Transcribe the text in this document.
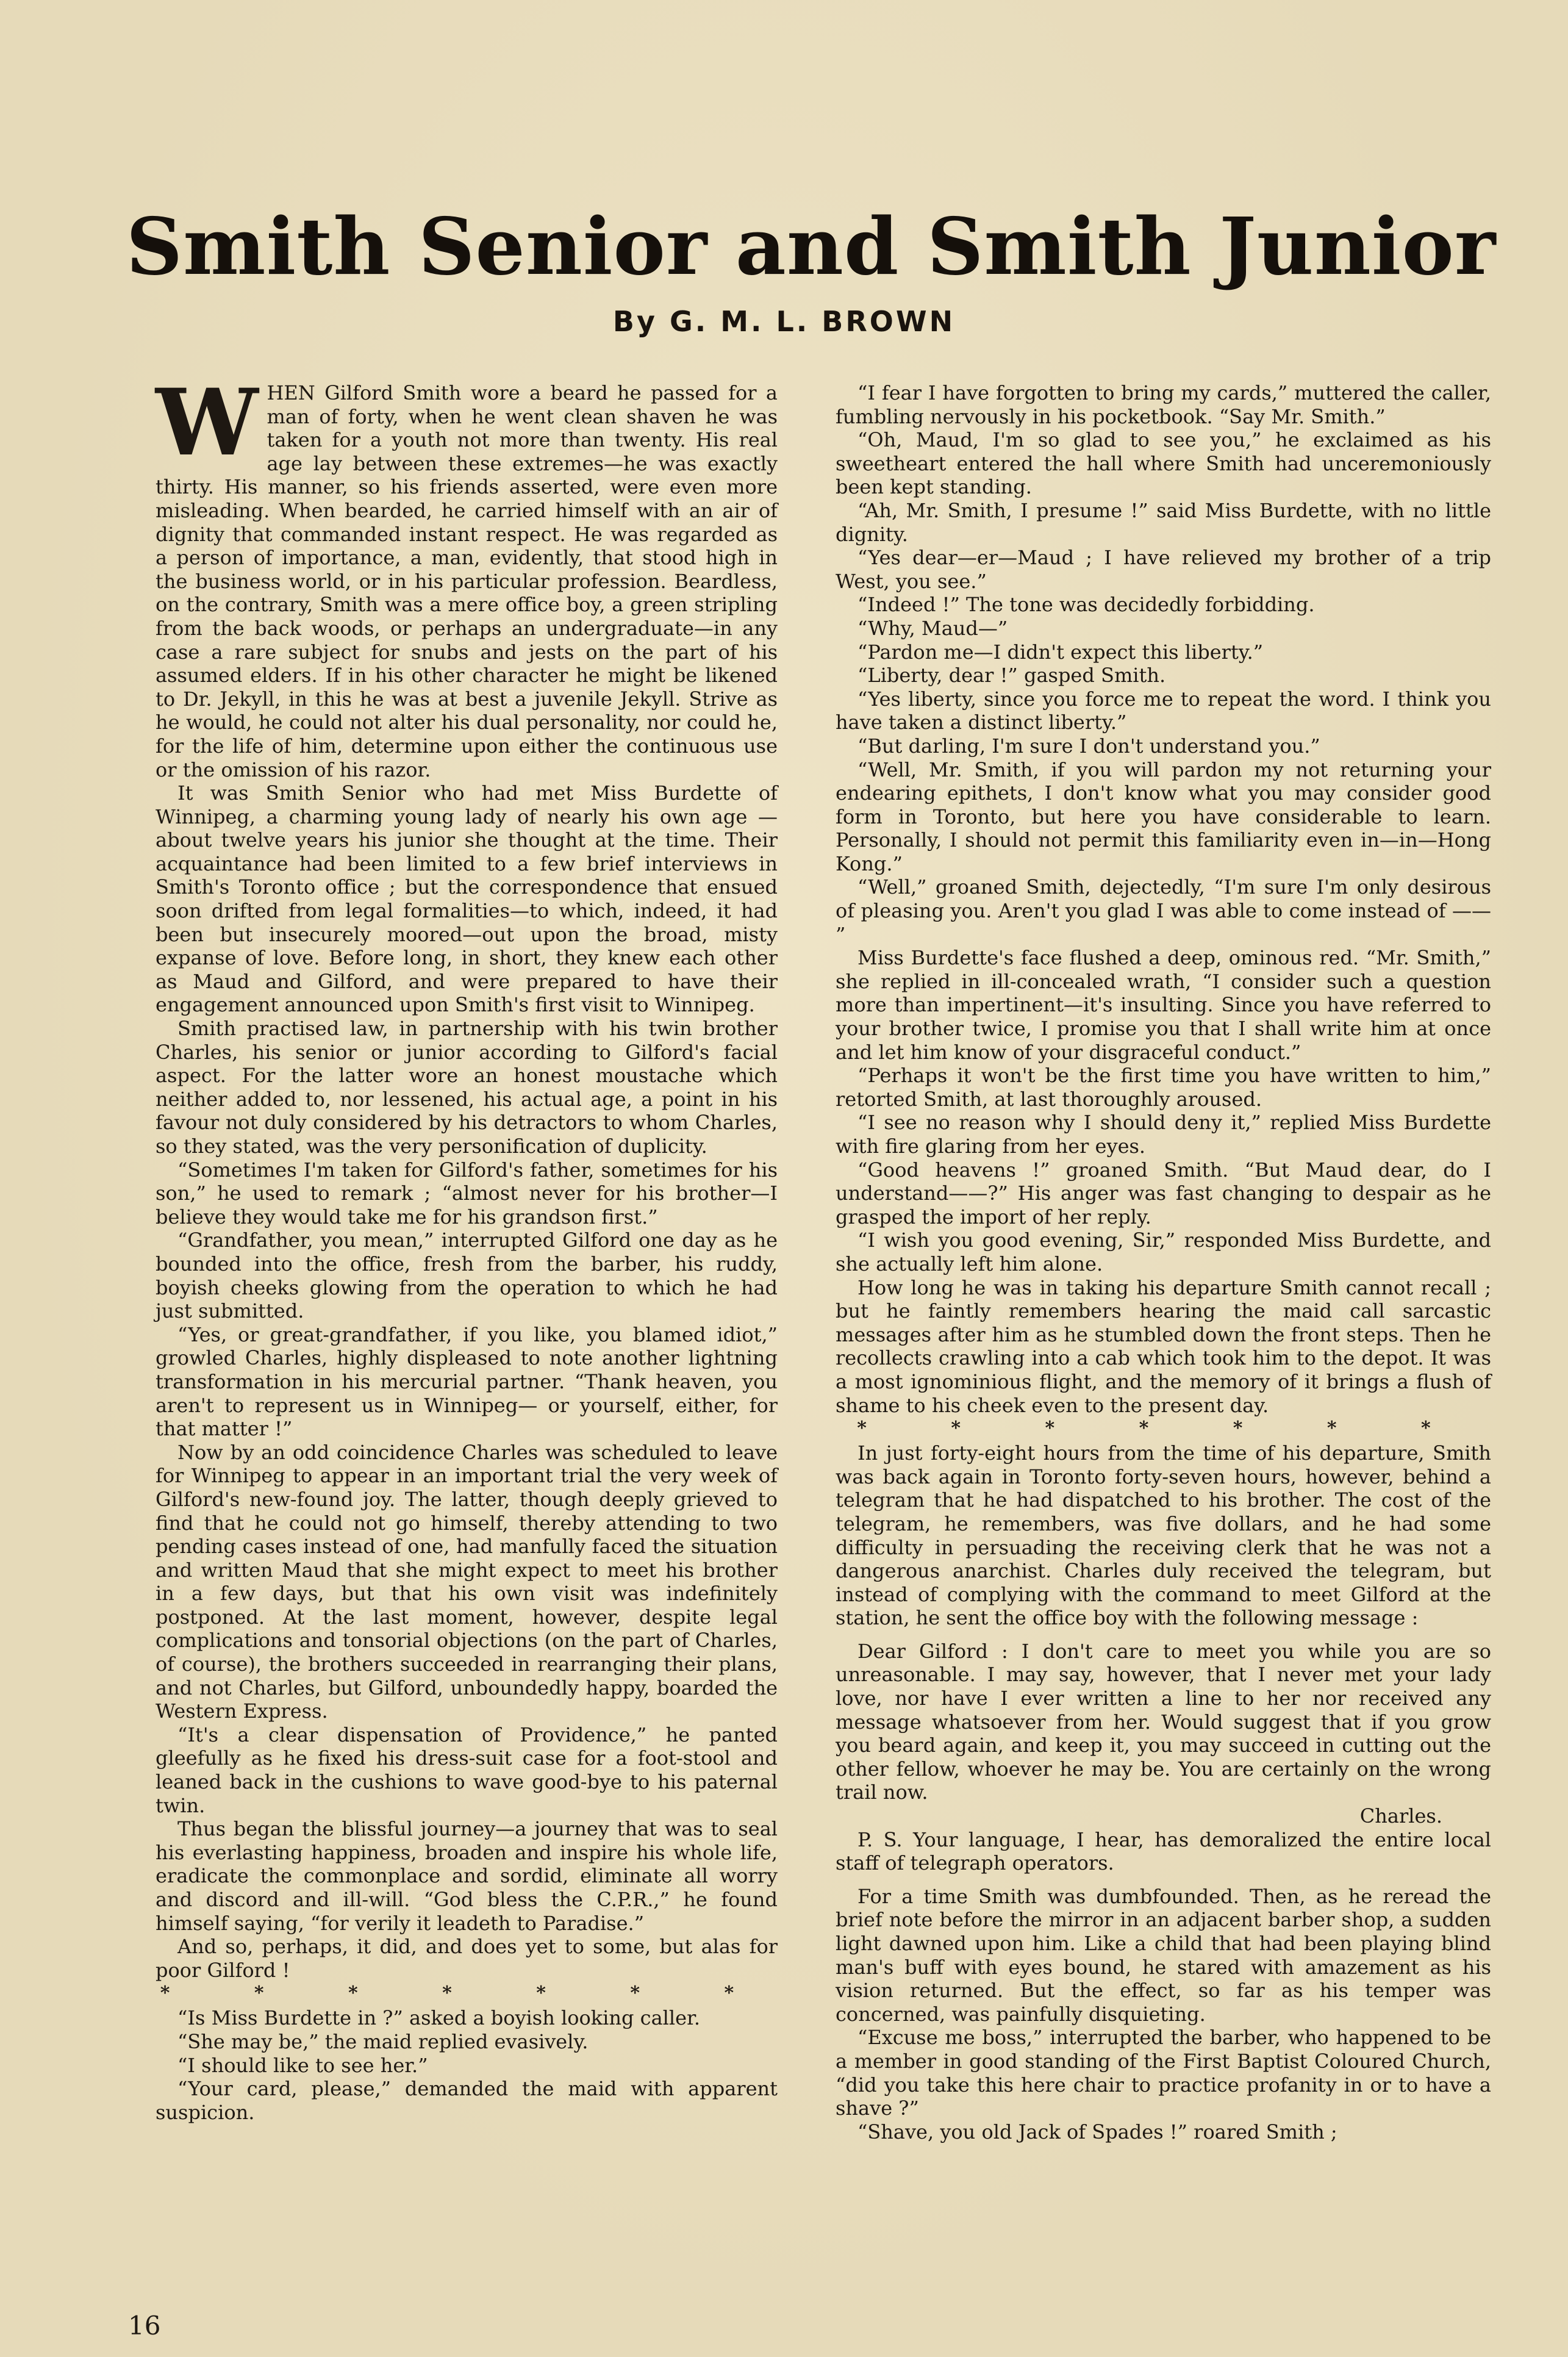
Smith Senior and Smith Junior
By G. M. L. BROWN

WHEN Gilford Smith wore a beard he passed for a man of forty, when he went clean shaven he was taken for a youth not more than twenty. His real age lay between these extremes—he was exactly thirty. His manner, so his friends asserted, were even more misleading. When bearded, he carried himself with an air of dignity that commanded instant respect. He was regarded as a person of importance, a man, evidently, that stood high in the business world, or in his particular profession. Beardless, on the contrary, Smith was a mere office boy, a green stripling from the back woods, or perhaps an undergraduate—in any case a rare subject for snubs and jests on the part of his assumed elders. If in his other character he might be likened to Dr. Jekyll, in this he was at best a juvenile Jekyll. Strive as he would, he could not alter his dual personality, nor could he, for the life of him, determine upon either the continuous use or the omission of his razor.

It was Smith Senior who had met Miss Burdette of Winnipeg, a charming young lady of nearly his own age —about twelve years his junior she thought at the time. Their acquaintance had been limited to a few brief interviews in Smith's Toronto office ; but the correspondence that ensued soon drifted from legal formalities—to which, indeed, it had been but insecurely moored—out upon the broad, misty expanse of love. Before long, in short, they knew each other as Maud and Gilford, and were prepared to have their engagement announced upon Smith's first visit to Winnipeg.

Smith practised law, in partnership with his twin brother Charles, his senior or junior according to Gilford's facial aspect. For the latter wore an honest moustache which neither added to, nor lessened, his actual age, a point in his favour not duly considered by his detractors to whom Charles, so they stated, was the very personification of duplicity.

“Sometimes I'm taken for Gilford's father, sometimes for his son,” he used to remark ; “almost never for his brother—I believe they would take me for his grandson first.”

“Grandfather, you mean,” interrupted Gilford one day as he bounded into the office, fresh from the barber, his ruddy, boyish cheeks glowing from the operation to which he had just submitted.

“Yes, or great-grandfather, if you like, you blamed idiot,” growled Charles, highly displeased to note another lightning transformation in his mercurial partner. “Thank heaven, you aren't to represent us in Winnipeg— or yourself, either, for that matter !”

Now by an odd coincidence Charles was scheduled to leave for Winnipeg to appear in an important trial the very week of Gilford's new-found joy. The latter, though deeply grieved to find that he could not go himself, thereby attending to two pending cases instead of one, had manfully faced the situation and written Maud that she might expect to meet his brother in a few days, but that his own visit was indefinitely postponed. At the last moment, however, despite legal complications and tonsorial objections (on the part of Charles, of course), the brothers succeeded in rearranging their plans, and not Charles, but Gilford, unboundedly happy, boarded the Western Express.

“It's a clear dispensation of Providence,” he panted gleefully as he fixed his dress-suit case for a foot-stool and leaned back in the cushions to wave good-bye to his paternal twin.

Thus began the blissful journey—a journey that was to seal his everlasting happiness, broaden and inspire his whole life, eradicate the commonplace and sordid, eliminate all worry and discord and ill-will. “God bless the C.P.R.,” he found himself saying, “for verily it leadeth to Paradise.”

And so, perhaps, it did, and does yet to some, but alas for poor Gilford !

* * * * * * *

“Is Miss Burdette in ?” asked a boyish looking caller.

“She may be,” the maid replied evasively.

“I should like to see her.”

“Your card, please,” demanded the maid with apparent suspicion.

“I fear I have forgotten to bring my cards,” muttered the caller, fumbling nervously in his pocketbook. “Say Mr. Smith.”

“Oh, Maud, I'm so glad to see you,” he exclaimed as his sweetheart entered the hall where Smith had unceremoniously been kept standing.

“Ah, Mr. Smith, I presume !” said Miss Burdette, with no little dignity.

“Yes dear—er—Maud ; I have relieved my brother of a trip West, you see.”

“Indeed !” The tone was decidedly forbidding.

“Why, Maud—”

“Pardon me—I didn't expect this liberty.”

“Liberty, dear !” gasped Smith.

“Yes liberty, since you force me to repeat the word. I think you have taken a distinct liberty.”

“But darling, I'm sure I don't understand you.”

“Well, Mr. Smith, if you will pardon my not returning your endearing epithets, I don't know what you may consider good form in Toronto, but here you have considerable to learn. Personally, I should not permit this familiarity even in—in—Hong Kong.”

“Well,” groaned Smith, dejectedly, “I'm sure I'm only desirous of pleasing you. Aren't you glad I was able to come instead of —— ”

Miss Burdette's face flushed a deep, ominous red. “Mr. Smith,” she replied in ill-concealed wrath, “I consider such a question more than impertinent—it's insulting. Since you have referred to your brother twice, I promise you that I shall write him at once and let him know of your disgraceful conduct.”

“Perhaps it won't be the first time you have written to him,” retorted Smith, at last thoroughly aroused.

“I see no reason why I should deny it,” replied Miss Burdette with fire glaring from her eyes.

“Good heavens !” groaned Smith. “But Maud dear, do I understand——?” His anger was fast changing to despair as he grasped the import of her reply.

“I wish you good evening, Sir,” responded Miss Burdette, and she actually left him alone.

How long he was in taking his departure Smith cannot recall ; but he faintly remembers hearing the maid call sarcastic messages after him as he stumbled down the front steps. Then he recollects crawling into a cab which took him to the depot. It was a most ignominious flight, and the memory of it brings a flush of shame to his cheek even to the present day.

* * * * * * *

In just forty-eight hours from the time of his departure, Smith was back again in Toronto forty-seven hours, however, behind a telegram that he had dispatched to his brother. The cost of the telegram, he remembers, was five dollars, and he had some difficulty in persuading the receiving clerk that he was not a dangerous anarchist. Charles duly received the telegram, but instead of complying with the command to meet Gilford at the station, he sent the office boy with the following message :

Dear Gilford : I don't care to meet you while you are so unreasonable. I may say, however, that I never met your lady love, nor have I ever written a line to her nor received any message whatsoever from her. Would suggest that if you grow you beard again, and keep it, you may succeed in cutting out the other fellow, whoever he may be. You are certainly on the wrong trail now.

Charles.

P. S. Your language, I hear, has demoralized the entire local staff of telegraph operators.

For a time Smith was dumbfounded. Then, as he reread the brief note before the mirror in an adjacent barber shop, a sudden light dawned upon him. Like a child that had been playing blind man's buff with eyes bound, he stared with amazement as his vision returned. But the effect, so far as his temper was concerned, was painfully disquieting.

“Excuse me boss,” interrupted the barber, who happened to be a member in good standing of the First Baptist Coloured Church, “did you take this here chair to practice profanity in or to have a shave ?”

“Shave, you old Jack of Spades !” roared Smith ;

16
